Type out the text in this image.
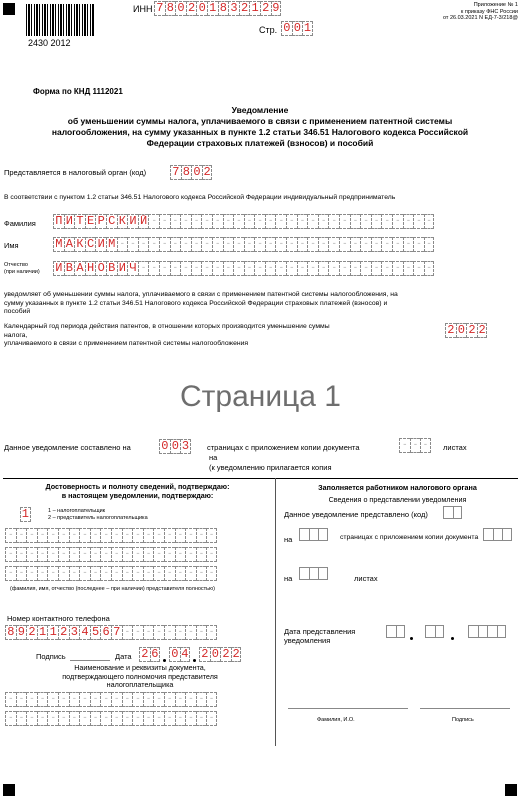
2430 2012
ИНН 7 8 0 2 0 1 8 3 2 1 2 9
Стр. 0 0 1
Приложение № 1
к приказу ФНС России
от 26.03.2021 N ЕД-7-3/218@
Форма по КНД 1112021
Уведомление
об уменьшении суммы налога, уплачиваемого в связи с применением патентной системы
налогообложения, на сумму указанных в пункте 1.2 статьи 346.51 Налогового кодекса Российской
Федерации страховых платежей (взносов) и пособий
Представляется в налоговый орган (код) 7 8 0 2
В соответствии с пунктом 1.2 статьи 346.51 Налогового кодекса Российской Федерации индивидуальный предприниматель
Фамилия П И Т Е Р С К И Й - - - - - - - - - - - - - - - - - - - - - - - - - - -
Имя	М А К С И М - - - - - - - - - - - - - - - - - - - - - - - - - - - - - -
Отчество
(при наличии) И В А Н О В И Ч - - - - - - - - - - - - - - - - - - - - - - - - - - - -
уведомляет об уменьшении суммы налога, уплачиваемого в связи с применением патентной системы налогообложения, на
сумму указанных в пункте 1.2 статьи 346.51 Налогового кодекса Российской Федерации страховых платежей (взносов) и
пособий
Календарный год периода действия патентов, в отношении которых производится уменьшение суммы
налога,
уплачиваемого в связи с применением патентной системы налогообложения
2 0 2 2
Страница 1
Данное уведомление составлено на	0 0 3 страницах с приложением копии документа
на
- - -	листах
(к уведомлению прилагается копия
Достоверность и полноту сведений, подтверждаю:
в настоящем уведомлении, подтверждаю:
1	1 – налогоплательщик
2 – представитель налогоплательщика
- - - - - - - - - - - - - - - - - - - -
- - - - - - - - - - - - - - - - - - - -
- - - - - - - - - - - - - - - - - - - -
(фамилия, имя, отчество (последнее – при наличии) представителя полностью)
Номер контактного телефона
8 9 2 1 1 2 3 4 5 6 7 - - - - - - - - -
Подпись	Дата 2 6 0 4 2 0 2 2
Наименование и реквизиты документа,
подтверждающего полномочия представителя
налогоплательщика
- - - - - - - - - - - - - - - - - - - -
- - - - - - - - - - - - - - - - - - - -
Заполняется работником налогового органа
Сведения о представлении уведомления
Данное уведомление представлено (код)
на	страницах с приложением копии документа
на	листах
Дата представления
уведомления
Фамилия, И.О.	Подпись
